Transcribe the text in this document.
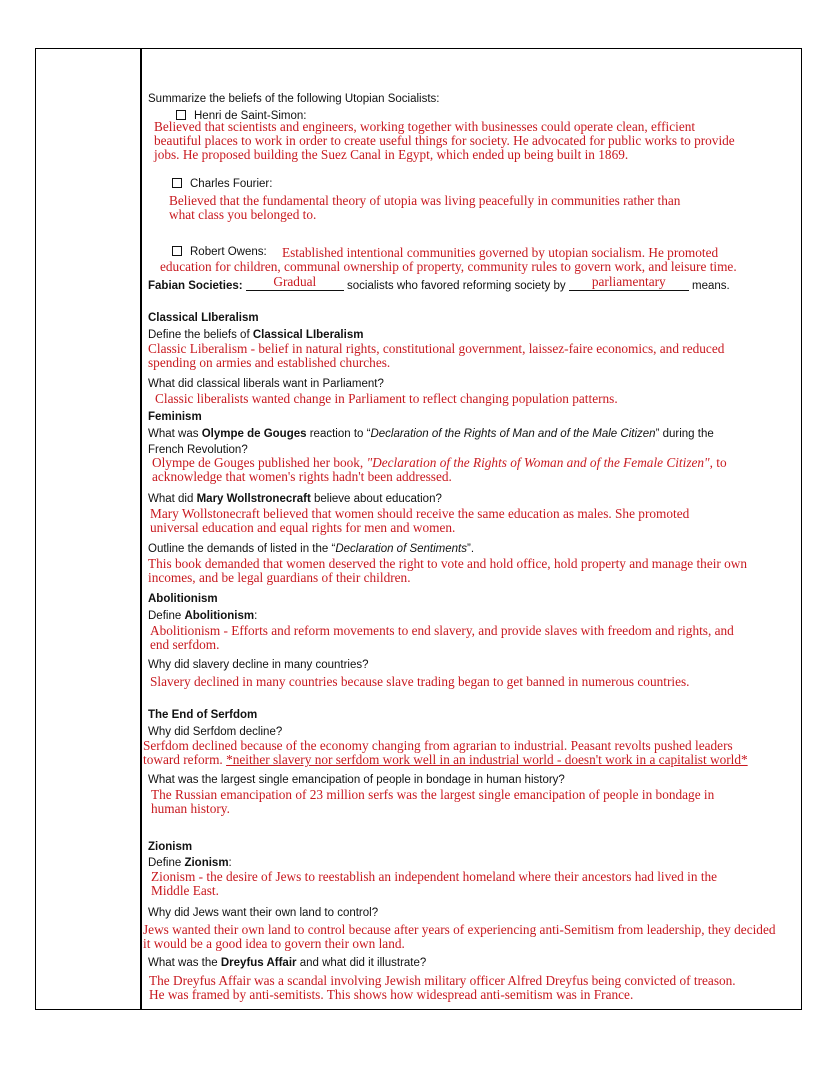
Summarize the beliefs of the following Utopian Socialists:
Henri de Saint-Simon:
Believed that scientists and engineers, working together with businesses could operate clean, efficient
beautiful places to work in order to create useful things for society. He advocated for public works to provide
jobs. He proposed building the Suez Canal in Egypt, which ended up being built in 1869.
Charles Fourier:
Believed that the fundamental theory of utopia was living peacefully in communities rather than
what class you belonged to.
Robert Owens: Established intentional communities governed by utopian socialism. He promoted
education for children, communal ownership of property, community rules to govern work, and leisure time.
Fabian Societies: Gradual	socialists who favored reforming society by parliamentary means.
Classical LIberalism
Define the beliefs of Classical LIberalism
Classic Liberalism - belief in natural rights, constitutional government, laissez-faire economics, and reduced
spending on armies and established churches.
What did classical liberals want in Parliament?
Classic liberalists wanted change in Parliament to reflect changing population patterns.
Feminism
What was Olympe de Gouges reaction to “Declaration of the Rights of Man and of the Male Citizen” during the
French Revolution?
Olympe de Gouges published her book, "Declaration of the Rights of Woman and of the Female Citizen", to
acknowledge that women's rights hadn't been addressed.
What did Mary Wollstronecraft believe about education?
Mary Wollstonecraft believed that women should receive the same education as males. She promoted
universal education and equal rights for men and women.
Outline the demands of listed in the “Declaration of Sentiments”.
This book demanded that women deserved the right to vote and hold office, hold property and manage their own
incomes, and be legal guardians of their children.
Abolitionism
Define Abolitionism:
Abolitionism - Efforts and reform movements to end slavery, and provide slaves with freedom and rights, and
end serfdom.
Why did slavery decline in many countries?
Slavery declined in many countries because slave trading began to get banned in numerous countries.
The End of Serfdom
Why did Serfdom decline?
Serfdom declined because of the economy changing from agrarian to industrial. Peasant revolts pushed leaders
toward reform. *neither slavery nor serfdom work well in an industrial world - doesn't work in a capitalist world*
What was the largest single emancipation of people in bondage in human history?
The Russian emancipation of 23 million serfs was the largest single emancipation of people in bondage in
human history.
Zionism
Define Zionism:
Zionism - the desire of Jews to reestablish an independent homeland where their ancestors had lived in the
Middle East.
Why did Jews want their own land to control?
Jews wanted their own land to control because after years of experiencing anti-Semitism from leadership, they decided
it would be a good idea to govern their own land.
What was the Dreyfus Affair and what did it illustrate?
The Dreyfus Affair was a scandal involving Jewish military officer Alfred Dreyfus being convicted of treason.
He was framed by anti-semitists. This shows how widespread anti-semitism was in France.
